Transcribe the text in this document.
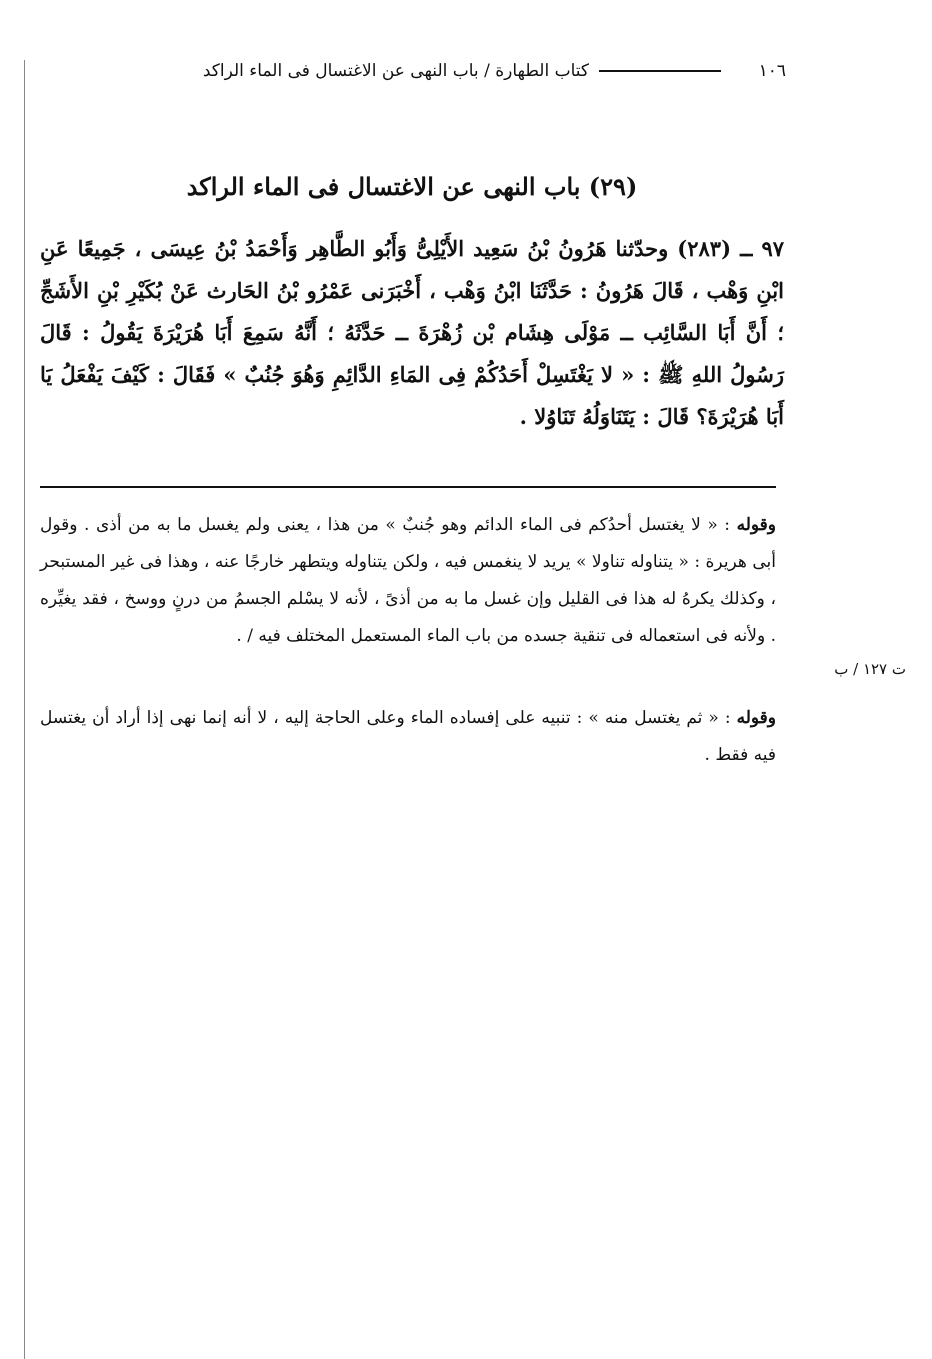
١٠٦
كتاب الطهارة / باب النهى عن الاغتسال فى الماء الراكد
(٢٩) باب النهى عن الاغتسال فى الماء الراكد
٩٧ ــ (٢٨٣) وحدّثنا هَرُونُ بْنُ سَعِيد الأَيْلِىُّ وَأَبُو الطَّاهِر وَأَحْمَدُ بْنُ عِيسَى ، جَمِيعًا عَنِ ابْنِ وَهْب ، قَالَ هَرُونُ : حَدَّثَنَا ابْنُ وَهْب ، أَخْبَرَنى عَمْرُو بْنُ الحَارث عَنْ بُكَيْرِ بْنِ الأَشَجِّ ؛ أَنَّ أَبَا السَّائِب ــ مَوْلَى هِشَام بْن زُهْرَةَ ــ حَدَّثَهُ ؛ أَنَّهُ سَمِعَ أَبَا هُرَيْرَةَ يَقُولُ : قَالَ رَسُولُ اللهِ ﷺ : « لا يَغْتَسِلْ أَحَدُكُمْ فِى المَاءِ الدَّائِمِ وَهُوَ جُنُبٌ » فَقَالَ : كَيْفَ يَفْعَلُ يَا أَبَا هُرَيْرَةَ؟ قَالَ : يَتَنَاوَلُهُ تَنَاوُلا .
وقوله : « لا يغتسل أحدُكم فى الماء الدائم وهو جُنبٌ » من هذا ، يعنى ولم يغسل ما به من أذى . وقول أبى هريرة : « يتناوله تناولا » يريد لا ينغمس فيه ، ولكن يتناوله ويتطهر خارجًا عنه ، وهذا فى غير المستبحر ، وكذلك يكرهُ له هذا فى القليل وإن غسل ما به من أذىً ، لأنه لا يسْلم الجسمُ من درنٍ ووسخ ، فقد يغيِّره . ولأنه فى استعماله فى تنقية جسده من باب الماء المستعمل المختلف فيه / .
ت ١٢٧ / ب
وقوله : « ثم يغتسل منه » : تنبيه على إفساده الماء وعلى الحاجة إليه ، لا أنه إنما نهى إذا أراد أن يغتسل فيه فقط .
